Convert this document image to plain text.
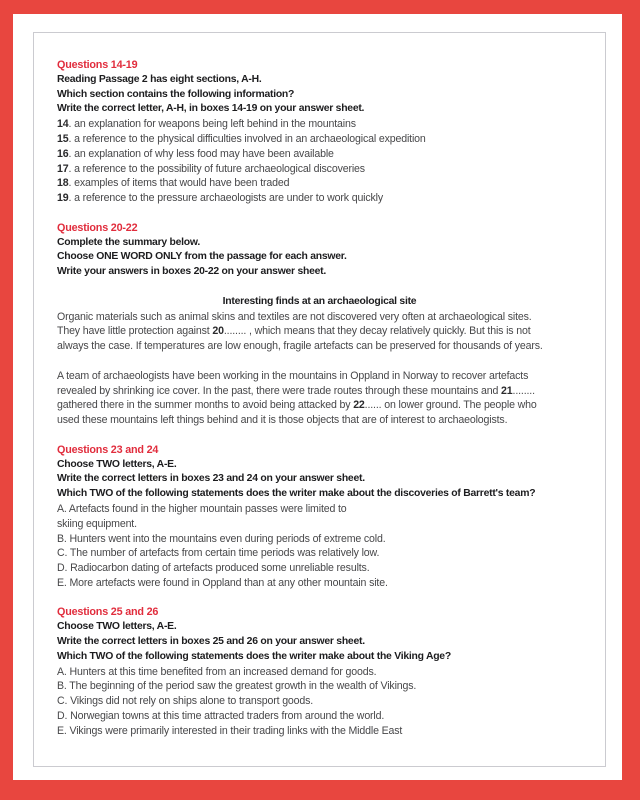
Questions 14-19
Reading Passage 2 has eight sections, A-H.
Which section contains the following information?
Write the correct letter, A-H, in boxes 14-19 on your answer sheet.
14. an explanation for weapons being left behind in the mountains
15. a reference to the physical difficulties involved in an archaeological expedition
16. an explanation of why less food may have been available
17. a reference to the possibility of future archaeological discoveries
18. examples of items that would have been traded
19. a reference to the pressure archaeologists are under to work quickly
Questions 20-22
Complete the summary below.
Choose ONE WORD ONLY from the passage for each answer.
Write your answers in boxes 20-22 on your answer sheet.
Interesting finds at an archaeological site
Organic materials such as animal skins and textiles are not discovered very often at archaeological sites.
They have little protection against 20........ , which means that they decay relatively quickly. But this is not
always the case. If temperatures are low enough, fragile artefacts can be preserved for thousands of years.
A team of archaeologists have been working in the mountains in Oppland in Norway to recover artefacts
revealed by shrinking ice cover. In the past, there were trade routes through these mountains and 21........
gathered there in the summer months to avoid being attacked by 22...... on lower ground. The people who
used these mountains left things behind and it is those objects that are of interest to archaeologists.
Questions 23 and 24
Choose TWO letters, A-E.
Write the correct letters in boxes 23 and 24 on your answer sheet.
Which TWO of the following statements does the writer make about the discoveries of Barrett's team?
A. Artefacts found in the higher mountain passes were limited to
skiing equipment.
B. Hunters went into the mountains even during periods of extreme cold.
C. The number of artefacts from certain time periods was relatively low.
D. Radiocarbon dating of artefacts produced some unreliable results.
E. More artefacts were found in Oppland than at any other mountain site.
Questions 25 and 26
Choose TWO letters, A-E.
Write the correct letters in boxes 25 and 26 on your answer sheet.
Which TWO of the following statements does the writer make about the Viking Age?
A. Hunters at this time benefited from an increased demand for goods.
B. The beginning of the period saw the greatest growth in the wealth of Vikings.
C. Vikings did not rely on ships alone to transport goods.
D. Norwegian towns at this time attracted traders from around the world.
E. Vikings were primarily interested in their trading links with the Middle East
